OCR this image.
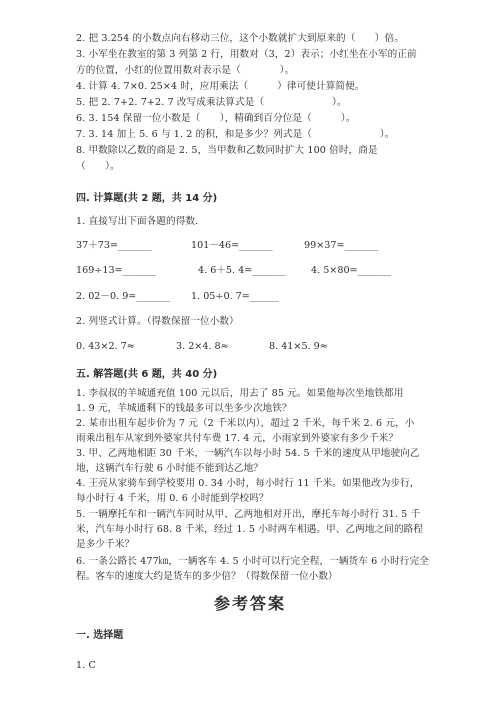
2. 把 3.254 的小数点向右移动三位，这个小数就扩大到原来的（　　）倍。
3. 小军坐在教室的第 3 列第 2 行，用数对（3，2）表示；小红坐在小军的正前
方的位置，小红的位置用数对表示是（　　　　）。
4. 计算 4. 7×0. 25×4 时，应用乘法（　　　）律可使计算简便。
5. 把 2. 7+2. 7+2. 7 改写成乘法算式是（　　　　　　　）。
6. 3. 154 保留一位小数是（　　），精确到百分位是（　　　）。
7. 3. 14 加上 5. 6 与 1. 2 的积，和是多少？列式是（　　　　　　　）。
8. 甲数除以乙数的商是 2. 5，当甲数和乙数同时扩大 100 倍时，商是
（　　）。
四. 计算题(共 2 题，共 14 分)
1. 直接写出下面各题的得数.
37＋73=_______	101－46=_______	99×37=_______
169÷13=_______	4. 6＋5. 4=_______	4. 5×80=_______
2. 02－0. 9=_______ 1. 05÷0. 7=______
2. 列竖式计算。（得数保留一位小数）
0. 43×2. 7≈	3. 2×4. 8≈	8. 41×5. 9≈
五. 解答题(共 6 题，共 40 分)
1. 李叔叔的羊城通充值 100 元以后，用去了 85 元。如果他每次坐地铁都用
1. 9 元，羊城通剩下的钱最多可以坐多少次地铁？
2. 某市出租车起步价为 7 元（2 千米以内），超过 2 千米，每千米 2. 6 元，小
雨乘出租车从家到外婆家共付车费 17. 4 元，小雨家到外婆家有多少千米？
3. 甲、乙两地相距 30 千米，一辆汽车以每小时 54. 5 千米的速度从甲地驶向乙
地，这辆汽车行驶 6 小时能不能到达乙地？
4. 王亮从家骑车到学校要用 0. 34 小时，每小时行 11 千米。如果他改为步行，
每小时行 4 千米，用 0. 6 小时能到学校吗？
5. 一辆摩托车和一辆汽车同时从甲、乙两地相对开出，摩托车每小时行 31. 5 千
米，汽车每小时行 68. 8 千米，经过 1. 5 小时两车相遇。甲、乙两地之间的路程
是多少千米？
6. 一条公路长 477㎞，一辆客车 4. 5 小时可以行完全程，一辆货车 6 小时行完全
程。客车的速度大约是货车的多少倍？（得数保留一位小数）
参考答案
一. 选择题
1. C
